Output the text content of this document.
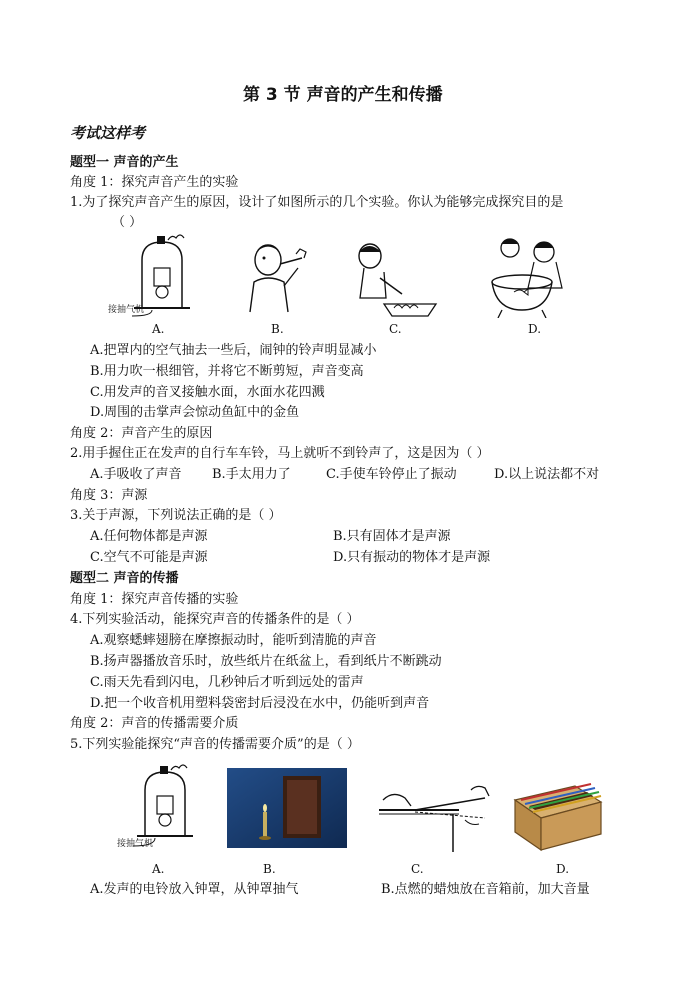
第 3 节 声音的产生和传播
考试这样考
题型一 声音的产生
角度 1：探究声音产生的实验
1.为了探究声音产生的原因，设计了如图所示的几个实验。你认为能够完成探究目的是
（ ）
接抽气机
A.	B.	C.	D.
A.把罩内的空气抽去一些后，闹钟的铃声明显减小
B.用力吹一根细管，并将它不断剪短，声音变高
C.用发声的音叉接触水面，水面水花四溅
D.周围的击掌声会惊动鱼缸中的金鱼
角度 2：声音产生的原因
2.用手握住正在发声的自行车车铃，马上就听不到铃声了，这是因为（ ）
A.手吸收了声音 B.手太用力了	C.手使车铃停止了振动	D.以上说法都不对
角度 3：声源
3.关于声源，下列说法正确的是（ ）
A.任何物体都是声源	B.只有固体才是声源
C.空气不可能是声源	D.只有振动的物体才是声源
题型二 声音的传播
角度 1：探究声音传播的实验
4.下列实验活动，能探究声音的传播条件的是（ ）
A.观察蟋蟀翅膀在摩擦振动时，能听到清脆的声音
B.扬声器播放音乐时，放些纸片在纸盆上，看到纸片不断跳动
C.雨天先看到闪电，几秒钟后才听到远处的雷声
D.把一个收音机用塑料袋密封后浸没在水中，仍能听到声音
角度 2：声音的传播需要介质
5.下列实验能探究“声音的传播需要介质”的是（ ）
接抽气机
A.	B.	C.	D.
A.发声的电铃放入钟罩，从钟罩抽气	B.点燃的蜡烛放在音箱前，加大音量
